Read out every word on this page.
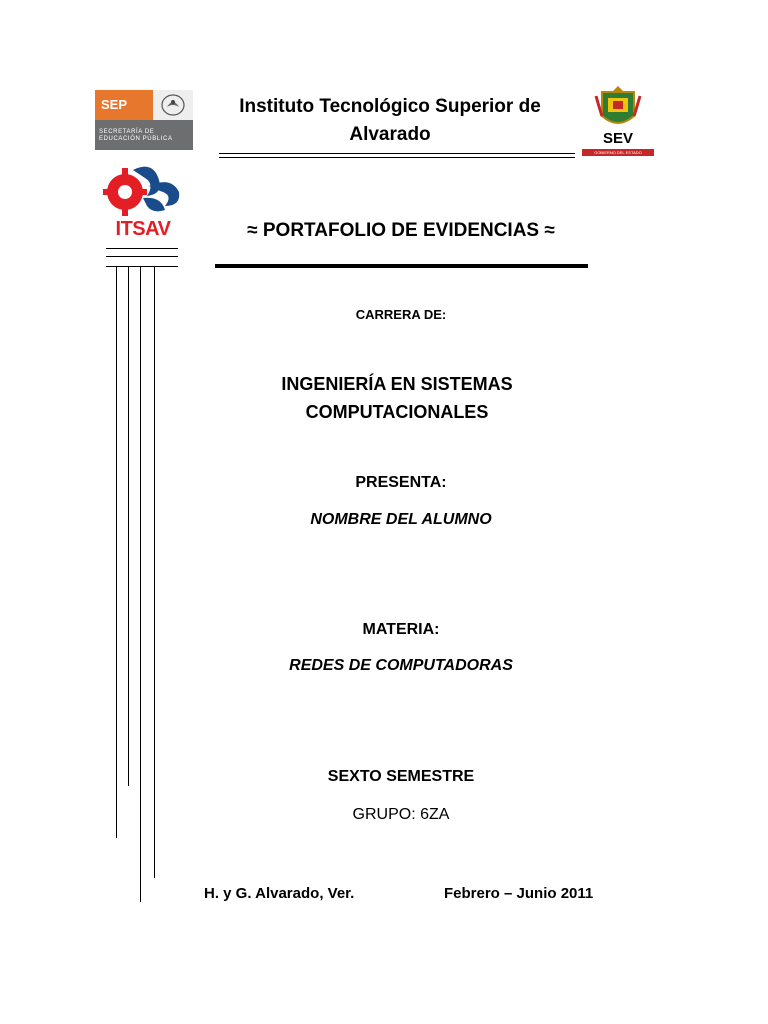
SEP
SECRETARÍA DE
EDUCACIÓN PÚBLICA
ITSAV
SEV
GOBIERNO DEL ESTADO
Instituto Tecnológico Superior de
Alvarado
≈ PORTAFOLIO DE EVIDENCIAS ≈
CARRERA DE:
INGENIERÍA EN SISTEMAS
COMPUTACIONALES
PRESENTA:
NOMBRE DEL ALUMNO
MATERIA:
REDES DE COMPUTADORAS
SEXTO SEMESTRE
GRUPO: 6ZA
H. y G. Alvarado, Ver.	Febrero – Junio 2011
